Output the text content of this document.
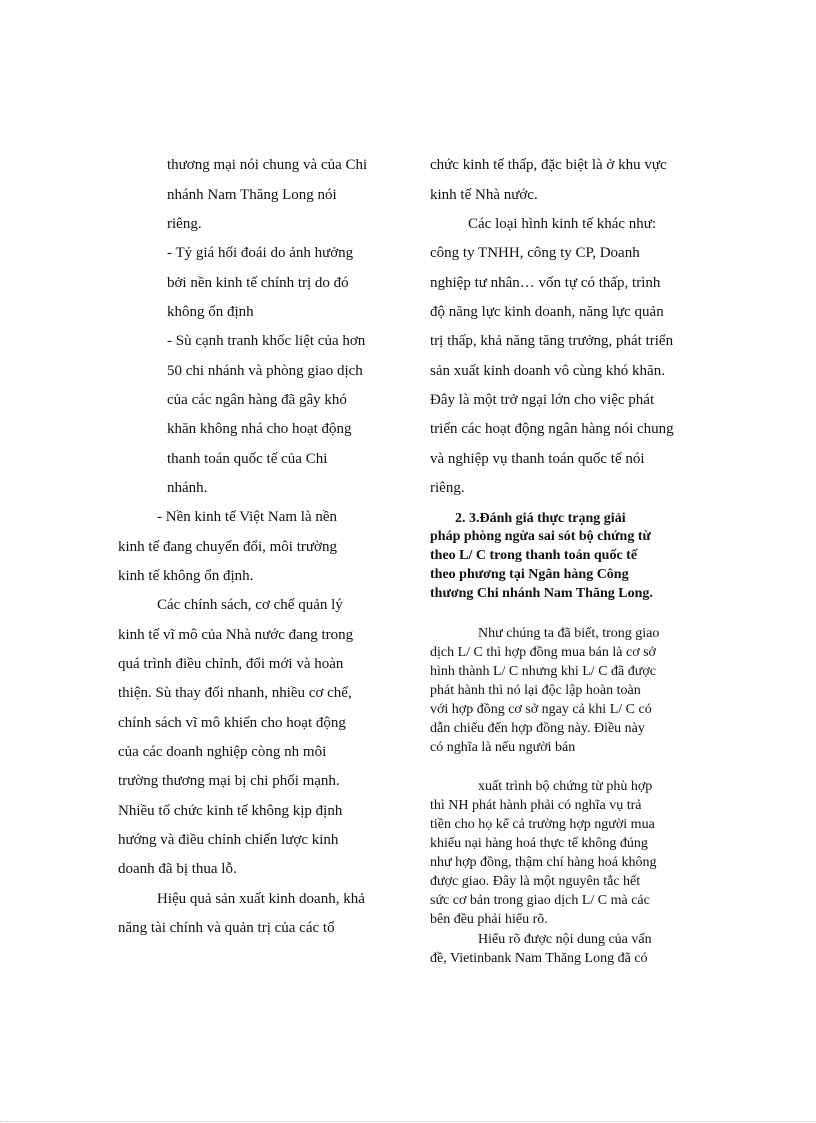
thương mại nói chung và của Chi
nhánh Nam Thăng Long nói
riêng.
- Tỷ giá hối đoái do ảnh hưởng
bởi nền kinh tế chính trị do đó
không ổn định
- Sù cạnh tranh khốc liệt của hơn
50 chi nhánh và phòng giao dịch
của các ngân hàng đã gây khó
khăn không nhá cho hoạt động
thanh toán quốc tế của Chi
nhánh.
- Nền kinh tế Việt Nam là nền
kinh tế đang chuyển đổi, môi trường
kinh tế không ổn định.
Các chính sách, cơ chế quản lý
kinh tế vĩ mô của Nhà nước đang trong
quá trình điều chỉnh, đổi mới và hoàn
thiện. Sù thay đổi nhanh, nhiều cơ chế,
chính sách vĩ mô khiến cho hoạt động
của các doanh nghiệp còng nh môi
trường thương mại bị chi phối mạnh.
Nhiều tổ chức kinh tế không kịp định
hướng và điều chỉnh chiến lược kinh
doanh đã bị thua lỗ.
Hiệu quả sản xuất kinh doanh, khả
năng tài chính và quản trị của các tổ
chức kinh tế thấp, đặc biệt là ở khu vực
kinh tế Nhà nước.
Các loại hình kinh tế khác như:
công ty TNHH, công ty CP, Doanh
nghiệp tư nhân… vốn tự có thấp, trình
độ năng lực kinh doanh, năng lực quản
trị thấp, khả năng tăng trưởng, phát triển
sản xuất kinh doanh vô cùng khó khăn.
Đây là một trở ngại lớn cho việc phát
triển các hoạt động ngân hàng nói chung
và nghiệp vụ thanh toán quốc tế nói
riêng.
2. 3.Đánh giá thực trạng giải
pháp phòng ngừa sai sót bộ chứng từ
theo L/ C trong thanh toán quốc tế
theo phương tại Ngân hàng Công
thương Chi nhánh Nam Thăng Long.
Như chúng ta đã biết, trong giao
dịch L/ C thì hợp đồng mua bán là cơ sở
hình thành L/ C nhưng khi L/ C đã được
phát hành thì nó lại độc lập hoàn toàn
với hợp đồng cơ sở ngay cả khi L/ C có
dẫn chiếu đến hợp đồng này. Điều này
có nghĩa là nếu người bán
xuất trình bộ chứng từ phù hợp
thì NH phát hành phải có nghĩa vụ trả
tiền cho họ kể cả trường hợp người mua
khiếu nại hàng hoá thực tế không đúng
như hợp đồng, thậm chí hàng hoá không
được giao. Đây là một nguyên tắc hết
sức cơ bản trong giao dịch L/ C mà các
bên đều phải hiểu rõ.
Hiểu rõ được nội dung của vấn
đề, Vietinbank Nam Thăng Long đã có
